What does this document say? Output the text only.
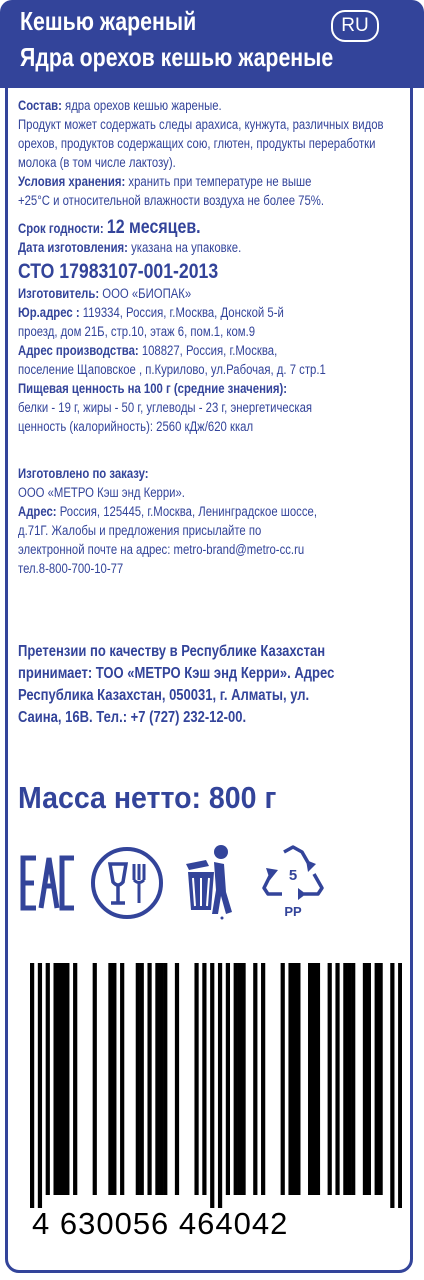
Кешью жареный
Ядра орехов кешью жареные
RU
Состав: ядра орехов кешью жареные.
Продукт может содержать следы арахиса, кунжута, различных видов
орехов, продуктов содержащих сою, глютен, продукты переработки
молока (в том числе лактозу).
Условия хранения: хранить при температуре не выше
+25°С и относительной влажности воздуха не более 75%.
Срок годности: 12 месяцев.
Дата изготовления: указана на упаковке.
СТО 17983107-001-2013
Изготовитель: ООО «БИОПАК»
Юр.адрес : 119334, Россия, г.Москва, Донской 5-й
проезд, дом 21Б, стр.10, этаж 6, пом.1, ком.9
Адрес производства: 108827, Россия, г.Москва,
поселение Щаповское , п.Курилово, ул.Рабочая, д. 7 стр.1
Пищевая ценность на 100 г (средние значения):
белки - 19 г, жиры - 50 г, углеводы - 23 г, энергетическая
ценность (калорийность): 2560 кДж/620 ккал
Изготовлено по заказу:
ООО «МЕТРО Кэш энд Керри».
Адрес: Россия, 125445, г.Москва, Ленинградское шоссе,
д.71Г. Жалобы и предложения присылайте по
электронной почте на адрес: metro-brand@metro-cc.ru
тел.8-800-700-10-77
Претензии по качеству в Республике Казахстан
принимает: ТОО «МЕТРО Кэш энд Керри». Адрес
Республика Казахстан, 050031, г. Алматы, ул.
Саина, 16В. Тел.: +7 (727) 232-12-00.
Масса нетто: 800 г
5
PP
4 630056 464042
